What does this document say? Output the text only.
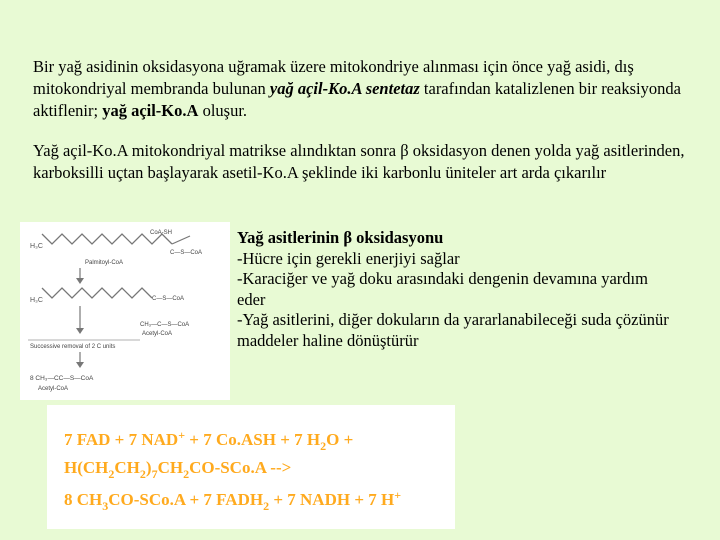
Bir yağ asidinin oksidasyona uğramak üzere mitokondriye alınması için önce yağ asidi, dış mitokondriyal membranda bulunan yağ açil-Ko.A sentetaz tarafından katalizlenen bir reaksiyonda aktiflenir; yağ açil-Ko.A oluşur.
Yağ açil-Ko.A mitokondriyal matrikse alındıktan sonra β oksidasyon denen yolda yağ asitlerinden, karboksilli uçtan başlayarak asetil-Ko.A şeklinde iki karbonlu üniteler art arda çıkarılır
H₃C
CoA-SH
C—S—CoA
Palmitoyl-CoA
H₃C	C—S—CoA
CH₃—C—S—CoA
Acetyl-CoA
Successive removal of 2 C units
8 CH₃—CC—S—CoA
Acetyl-CoA
Yağ asitlerinin β oksidasyonu
-Hücre için gerekli enerjiyi sağlar
-Karaciğer ve yağ doku arasındaki dengenin devamına yardım eder
-Yağ asitlerini, diğer dokuların da yararlanabileceği suda çözünür maddeler haline dönüştürür
7 FAD + 7 NAD+ + 7 Co.ASH + 7 $H_2O$ +
$H(CH_2CH_2)_7CH_2CO-SCo.A$ -->
8 $CH_3CO-SCo.A + 7$ $FADH_2 + 7$ NADH + 7 H+
